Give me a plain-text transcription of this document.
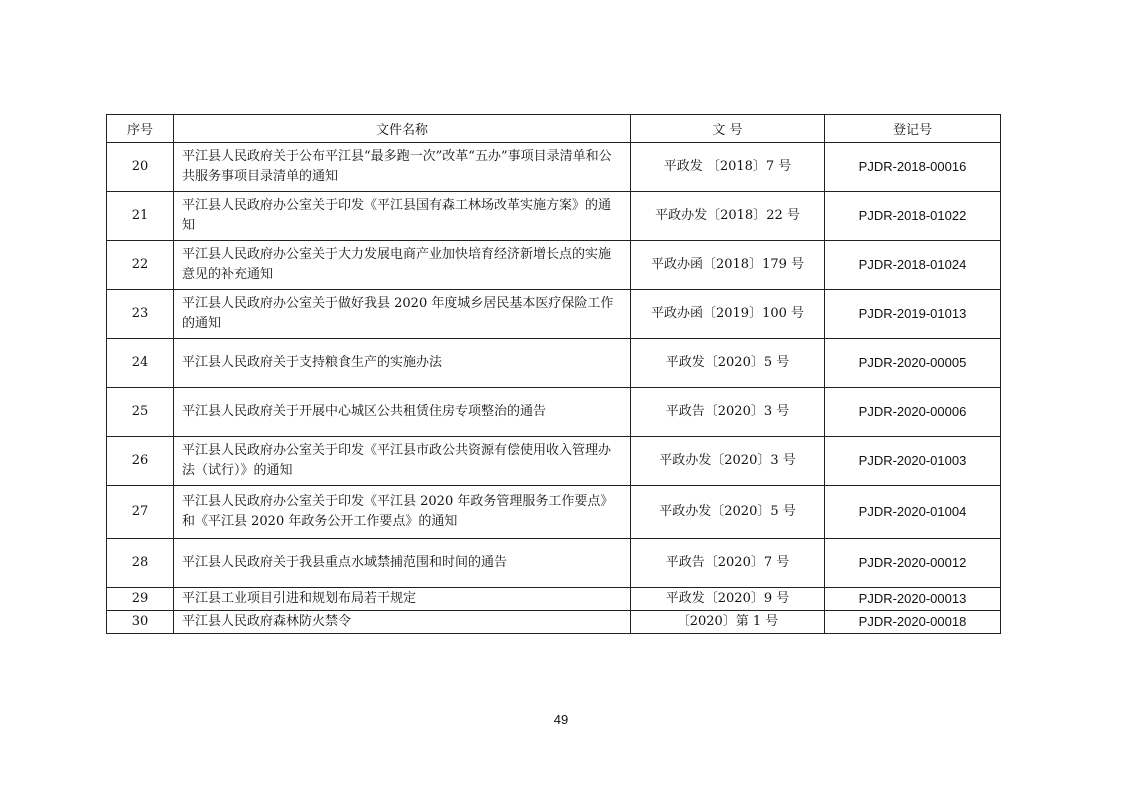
序号	文件名称	文 号	登记号
20	平江县人民政府关于公布平江县“最多跑一次”改革“五办”事项目录清单和公共服务事项目录清单的通知	平政发 〔2018〕7 号	PJDR-2018-00016
21	平江县人民政府办公室关于印发《平江县国有森工林场改革实施方案》的通知	平政办发〔2018〕22 号	PJDR-2018-01022
22	平江县人民政府办公室关于大力发展电商产业加快培育经济新增长点的实施意见的补充通知	平政办函〔2018〕179 号	PJDR-2018-01024
23	平江县人民政府办公室关于做好我县 2020 年度城乡居民基本医疗保险工作的通知	平政办函〔2019〕100 号	PJDR-2019-01013
24	平江县人民政府关于支持粮食生产的实施办法	平政发〔2020〕5 号	PJDR-2020-00005
25	平江县人民政府关于开展中心城区公共租赁住房专项整治的通告	平政告〔2020〕3 号	PJDR-2020-00006
26	平江县人民政府办公室关于印发《平江县市政公共资源有偿使用收入管理办法（试行）》的通知	平政办发〔2020〕3 号	PJDR-2020-01003
27	平江县人民政府办公室关于印发《平江县 2020 年政务管理服务工作要点》和《平江县 2020 年政务公开工作要点》的通知	平政办发〔2020〕5 号	PJDR-2020-01004
28	平江县人民政府关于我县重点水域禁捕范围和时间的通告	平政告〔2020〕7 号	PJDR-2020-00012
29	平江县工业项目引进和规划布局若干规定	平政发〔2020〕9 号	PJDR-2020-00013
30	平江县人民政府森林防火禁令	〔2020〕第 1 号	PJDR-2020-00018
49
